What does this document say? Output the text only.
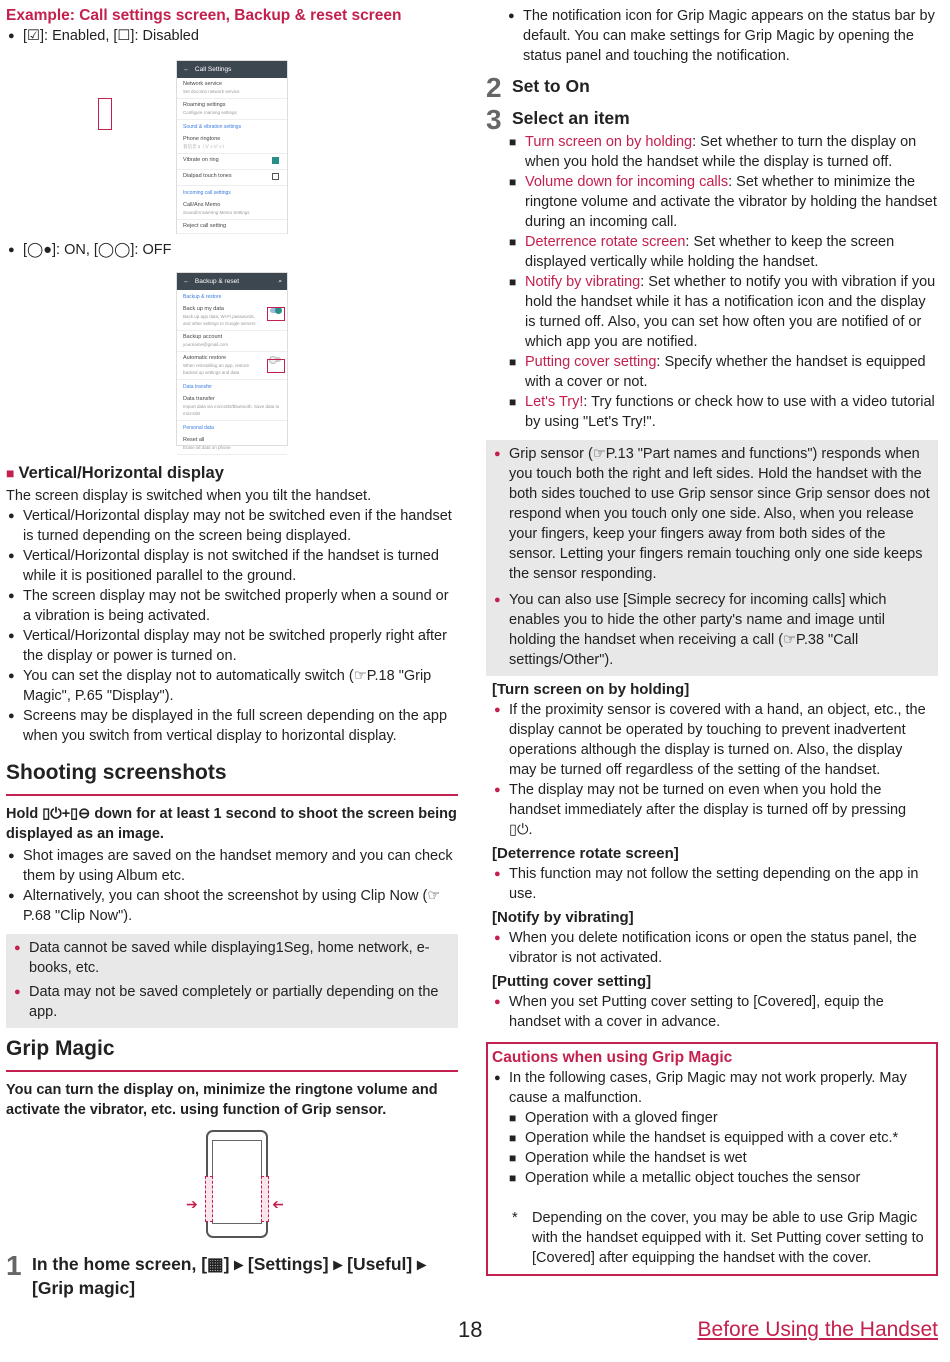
Example: Call settings screen, Backup & reset screen
● [☑]: Enabled, [☐]: Disabled
← Call Settings
Network service
Set docomo network service
Roaming settings
Configure roaming settings
Sound & vibration settings
Phone ringtone
着信音 1（ピッピッ）
Vibrate on ring
Dialpad touch tones
Incoming call settings
Call/Ans Memo
Sound/Answering Memo Settings
Reject call setting
● [◯●]: ON, [◯◯]: OFF
← Backup & reset	⌕
Backup & restore
Back up my data
Back up app data, Wi-Fi passwords, and other settings to Google servers
Backup account
yourname@gmail.com
Automatic restore
When reinstalling an app, restore backed up settings and data
Data transfer
Data transfer
Import data via microSD/Bluetooth. Save data to microSD
Personal data
Reset all
Erase all data on phone
■ Vertical/Horizontal display
The screen display is switched when you tilt the handset.
● Vertical/Horizontal display may not be switched even if the handset is turned depending on the screen being displayed.
● Vertical/Horizontal display is not switched if the handset is turned while it is positioned parallel to the ground.
● The screen display may not be switched properly when a sound or a vibration is being activated.
● Vertical/Horizontal display may not be switched properly right after the display or power is turned on.
● You can set the display not to automatically switch (☞P.18 "Grip Magic", P.65 "Display").
● Screens may be displayed in the full screen depending on the app when you switch from vertical display to horizontal display.
Shooting screenshots
Hold ▯⏻+▯⊖ down for at least 1 second to shoot the screen being displayed as an image.
● Shot images are saved on the handset memory and you can check them by using Album etc.
● Alternatively, you can shoot the screenshot by using Clip Now (☞P.68 "Clip Now").
● Data cannot be saved while displaying1Seg, home network, e-books, etc.
● Data may not be saved completely or partially depending on the app.
Grip Magic
You can turn the display on, minimize the ringtone volume and activate the vibrator, etc. using function of Grip sensor.
➔	➔
1 In the home screen, [▦] ▸ [Settings] ▸ [Useful] ▸ [Grip magic]
● The notification icon for Grip Magic appears on the status bar by default. You can make settings for Grip Magic by opening the status panel and touching the notification.
2 Set to On
3 Select an item
■ Turn screen on by holding: Set whether to turn the display on when you hold the handset while the display is turned off.
■ Volume down for incoming calls: Set whether to minimize the ringtone volume and activate the vibrator by holding the handset during an incoming call.
■ Deterrence rotate screen: Set whether to keep the screen displayed vertically while holding the handset.
■ Notify by vibrating: Set whether to notify you with vibration if you hold the handset while it has a notification icon and the display is turned off. Also, you can set how often you are notified of or which app you are notified.
■ Putting cover setting: Specify whether the handset is equipped with a cover or not.
■ Let's Try!: Try functions or check how to use with a video tutorial by using "Let's Try!".
● Grip sensor (☞P.13 "Part names and functions") responds when you touch both the right and left sides. Hold the handset with the both sides touched to use Grip sensor since Grip sensor does not respond when you touch only one side. Also, when you release your fingers, keep your fingers away from both sides of the sensor. Letting your fingers remain touching only one side keeps the sensor responding.
● You can also use [Simple secrecy for incoming calls] which enables you to hide the other party's name and image until holding the handset when receiving a call (☞P.38 "Call settings/Other").
[Turn screen on by holding]
● If the proximity sensor is covered with a hand, an object, etc., the display cannot be operated by touching to prevent inadvertent operations although the display is turned on. Also, the display may be turned off regardless of the setting of the handset.
● The display may not be turned on even when you hold the handset immediately after the display is turned off by pressing ▯⏻.
[Deterrence rotate screen]
● This function may not follow the setting depending on the app in use.
[Notify by vibrating]
● When you delete notification icons or open the status panel, the vibrator is not activated.
[Putting cover setting]
● When you set Putting cover setting to [Covered], equip the handset with a cover in advance.
Cautions when using Grip Magic
● In the following cases, Grip Magic may not work properly. May cause a malfunction.
■ Operation with a gloved finger
■ Operation while the handset is equipped with a cover etc.*
■ Operation while the handset is wet
■ Operation while a metallic object touches the sensor
* Depending on the cover, you may be able to use Grip Magic with the handset equipped with it. Set Putting cover setting to [Covered] after equipping the handset with the cover.
18	Before Using the Handset
